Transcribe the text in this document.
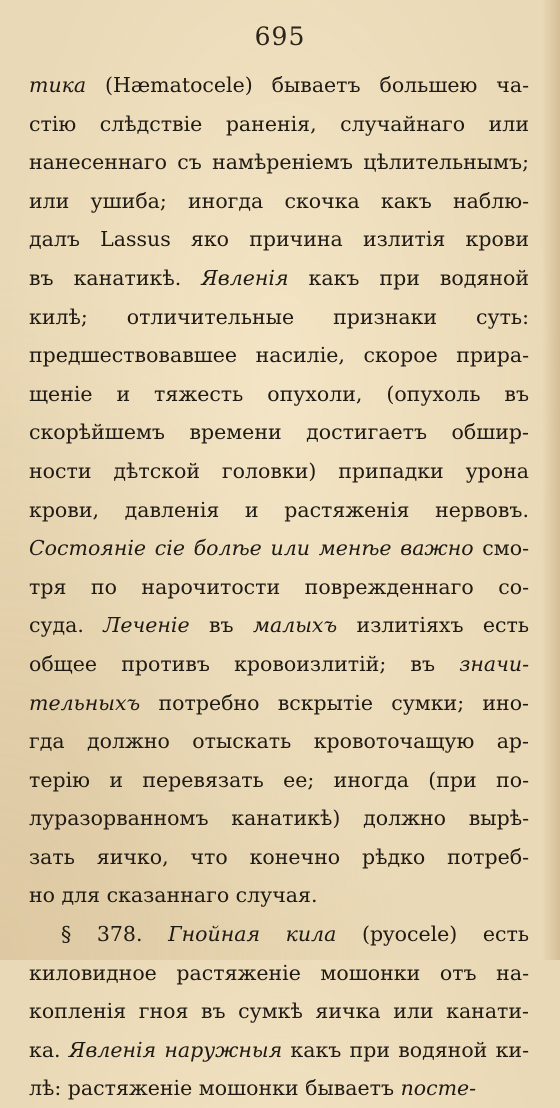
695
тика (Hæmatocele) бываетъ большею ча-
стію слѣдствіе раненія, случайнаго или
нанесеннаго съ намѣреніемъ цѣлительнымъ;
или ушиба; иногда скочка какъ наблю-
далъ Lassus яко причина излитія крови
въ канатикѣ. Явленія какъ при водяной
килѣ; отличительные признаки суть:
предшествовавшее насиліе, скорое прира-
щеніе и тяжесть опухоли, (опухоль въ
скорѣйшемъ времени достигаетъ обшир-
ности дѣтской головки) припадки урона
крови, давленія и растяженія нервовъ.
Состояніе сіе болѣе или менѣе важно смо-
тря по нарочитости поврежденнаго со-
суда. Леченіе въ малыхъ излитіяхъ есть
общее противъ кровоизлитій; въ значи-
тельныхъ потребно вскрытіе сумки; ино-
гда должно отыскать кровоточащую ар-
терію и перевязать ее; иногда (при по-
луразорванномъ канатикѣ) должно вырѣ-
зать яичко, что конечно рѣдко потреб-
но для сказаннаго случая.
§ 378. Гнойная кила (pyocele) есть
киловидное растяженіе мошонки отъ на-
копленія гноя въ сумкѣ яичка или канати-
ка. Явленія наружныя какъ при водяной ки-
лѣ: растяженіе мошонки бываетъ посте-
